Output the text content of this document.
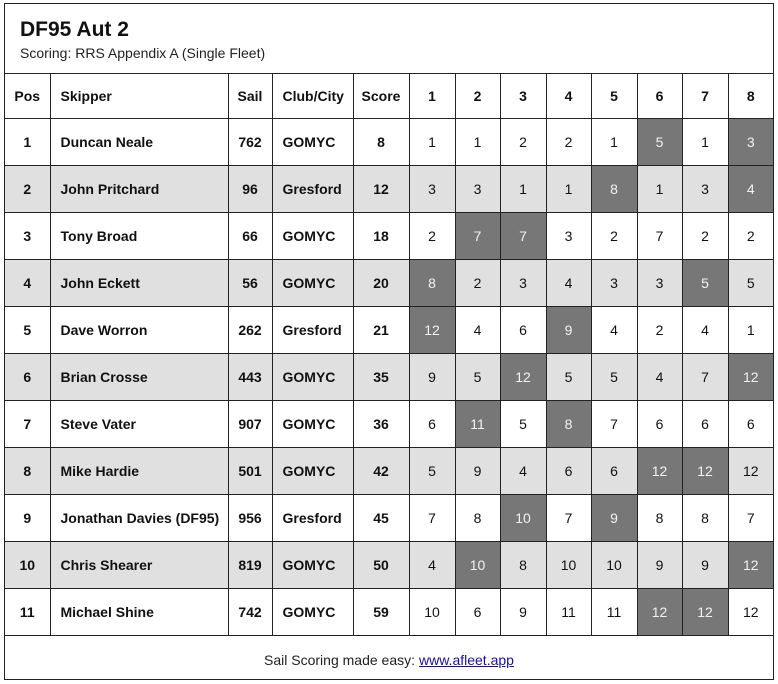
DF95 Aut 2
Scoring: RRS Appendix A (Single Fleet)
Pos	Skipper	Sail	Club/City	Score	1	2	3	4	5	6	7	8
1	Duncan Neale	762	GOMYC	8	1	1	2	2	1	5	1	3
2	John Pritchard	96	Gresford	12	3	3	1	1	8	1	3	4
3	Tony Broad	66	GOMYC	18	2	7	7	3	2	7	2	2
4	John Eckett	56	GOMYC	20	8	2	3	4	3	3	5	5
5	Dave Worron	262	Gresford	21	12	4	6	9	4	2	4	1
6	Brian Crosse	443	GOMYC	35	9	5	12	5	5	4	7	12
7	Steve Vater	907	GOMYC	36	6	11	5	8	7	6	6	6
8	Mike Hardie	501	GOMYC	42	5	9	4	6	6	12	12	12
9	Jonathan Davies (DF95)	956	Gresford	45	7	8	10	7	9	8	8	7
10	Chris Shearer	819	GOMYC	50	4	10	8	10	10	9	9	12
11	Michael Shine	742	GOMYC	59	10	6	9	11	11	12	12	12
Sail Scoring made easy: www.afleet.app
